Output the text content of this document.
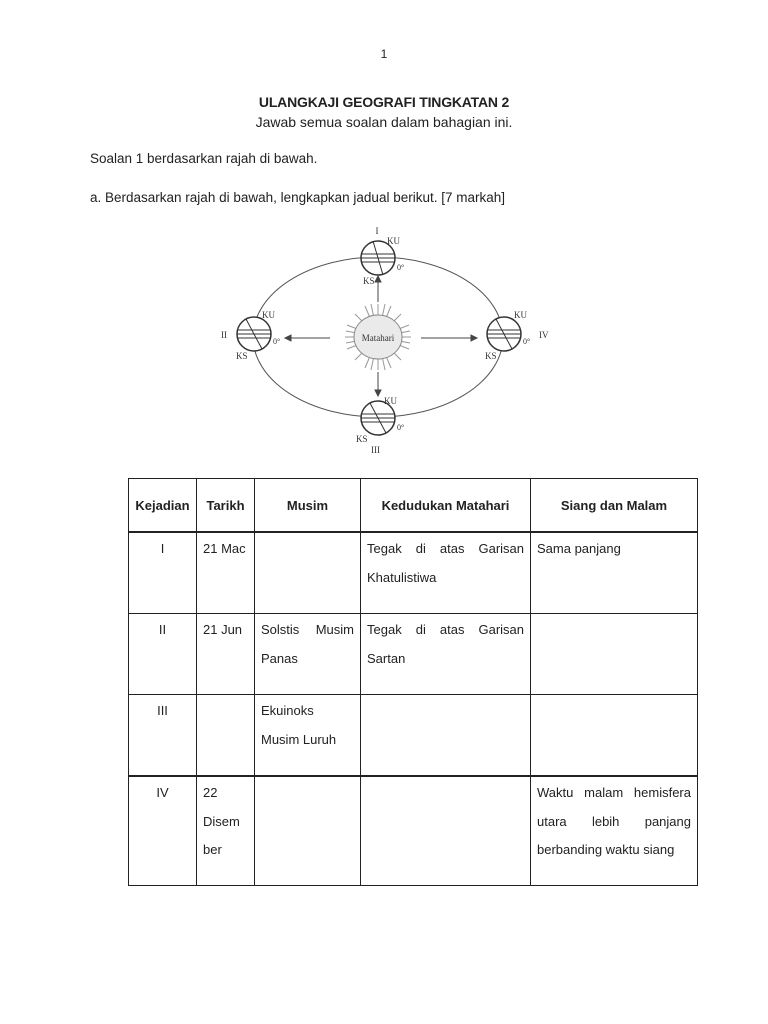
1
ULANGKAJI GEOGRAFI TINGKATAN 2
Jawab semua soalan dalam bahagian ini.
Soalan 1 berdasarkan rajah di bawah.
a. Berdasarkan rajah di bawah, lengkapkan jadual berikut. [7 markah]
Matahari
I
KU
0°
KS
II
KU
0°
KS
IV
KU
0°
KS
KU
0°
KS
III
Kejadian	Tarikh	Musim	Kedudukan Matahari	Siang dan Malam
I	21 Mac		Tegak di atas Garisan Khatulistiwa	Sama panjang
II	21 Jun	Solstis Musim Panas	Tegak di atas Garisan Sartan	
III		Ekuinoks Musim Luruh		
IV	22 Disem ber			Waktu malam hemisfera utara lebih panjang berbanding waktu siang
